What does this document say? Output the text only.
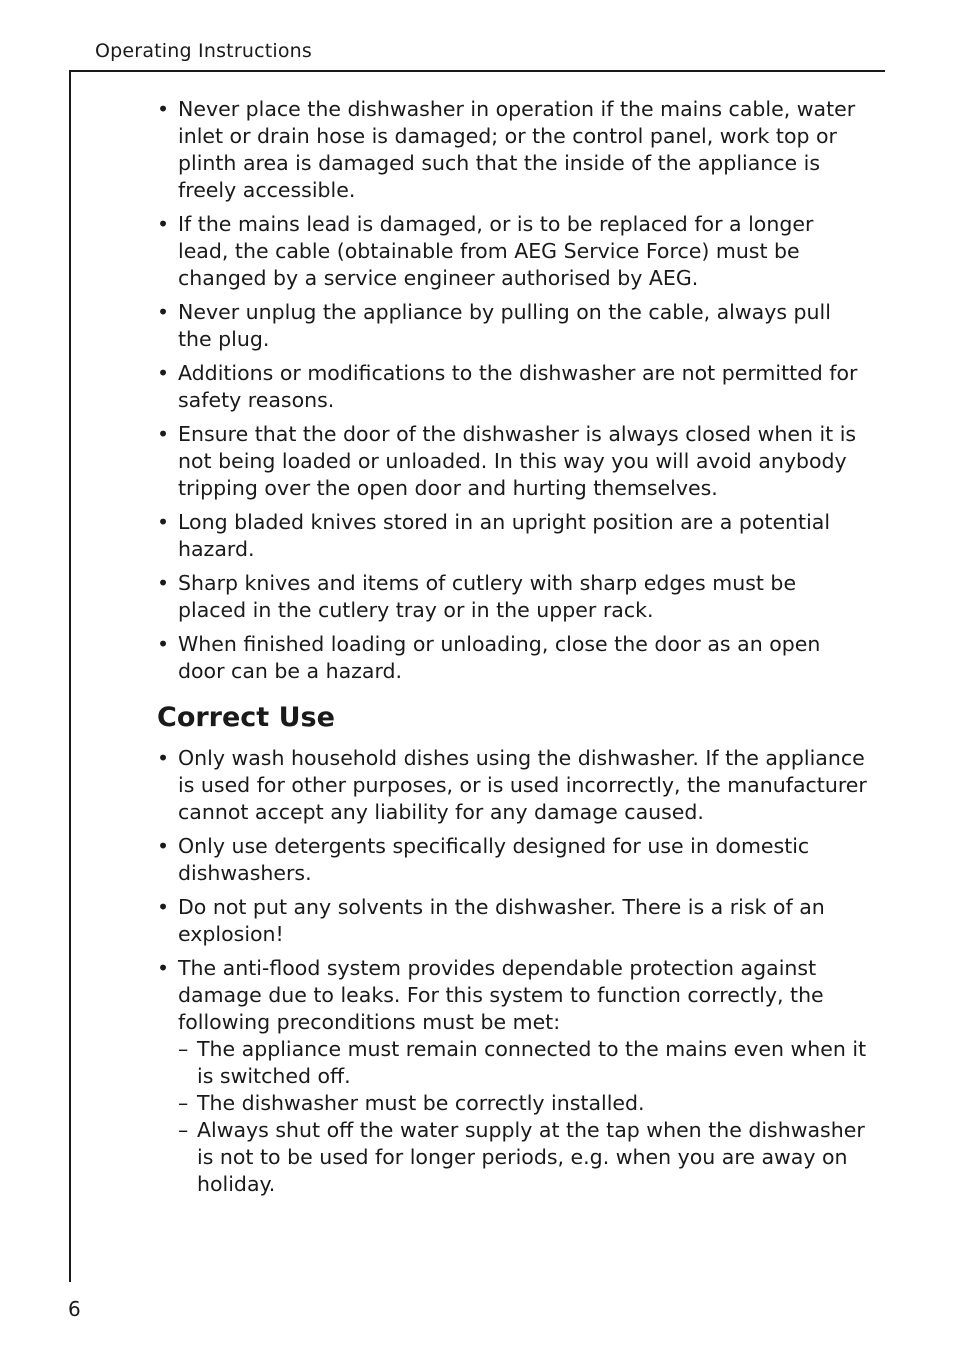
Operating Instructions
• Never place the dishwasher in operation if the mains cable, water inlet or drain hose is damaged; or the control panel, work top or plinth area is damaged such that the inside of the appliance is freely accessible.
• If the mains lead is damaged, or is to be replaced for a longer lead, the cable (obtainable from AEG Service Force) must be changed by a service engineer authorised by AEG.
• Never unplug the appliance by pulling on the cable, always pull the plug.
• Additions or modifications to the dishwasher are not permitted for safety reasons.
• Ensure that the door of the dishwasher is always closed when it is not being loaded or unloaded. In this way you will avoid anybody tripping over the open door and hurting themselves.
• Long bladed knives stored in an upright position are a potential hazard.
• Sharp knives and items of cutlery with sharp edges must be placed in the cutlery tray or in the upper rack.
• When finished loading or unloading, close the door as an open door can be a hazard.
Correct Use
• Only wash household dishes using the dishwasher. If the appliance is used for other purposes, or is used incorrectly, the manufacturer cannot accept any liability for any damage caused.
• Only use detergents specifically designed for use in domestic dishwashers.
• Do not put any solvents in the dishwasher. There is a risk of an explosion!
• The anti-flood system provides dependable protection against damage due to leaks. For this system to function correctly, the following preconditions must be met:
– The appliance must remain connected to the mains even when it is switched off.
– The dishwasher must be correctly installed.
– Always shut off the water supply at the tap when the dishwasher is not to be used for longer periods, e.g. when you are away on holiday.
6
